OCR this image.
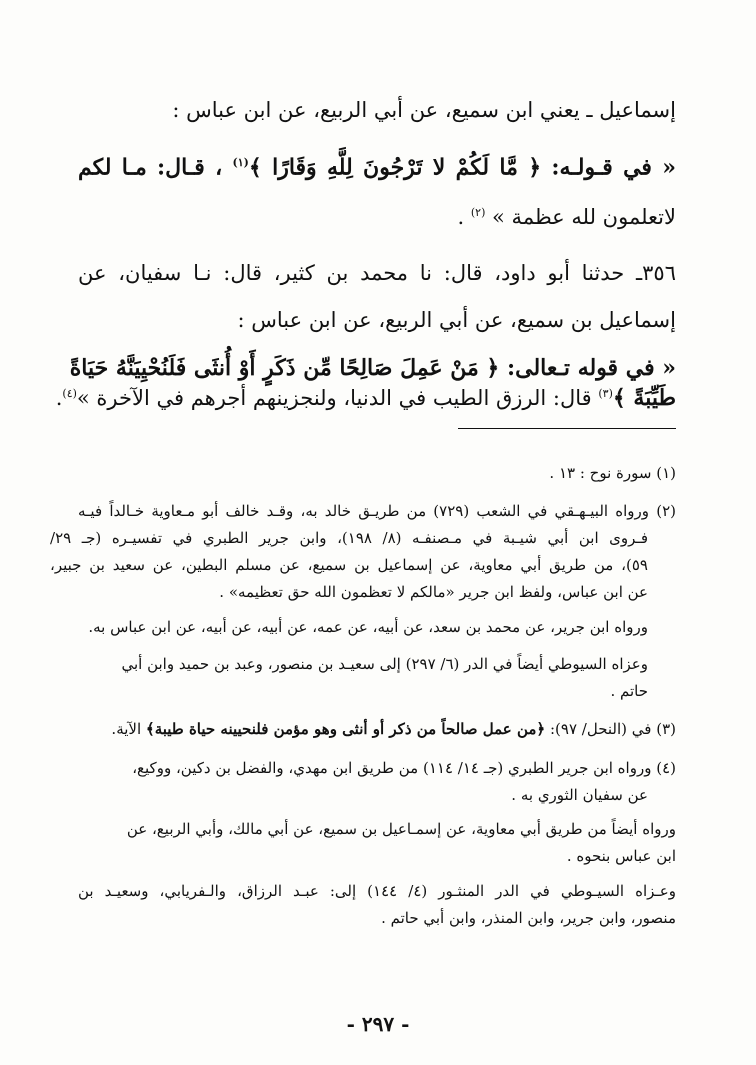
إسماعيل ـ يعني ابن سميع، عن أبي الربيع، عن ابن عباس :
« في قـولـه: ﴿ مَّا لَكُمْ لا تَرْجُونَ لِلَّهِ وَقَارًا ﴾$^{(١)}$ ، قـال: مـا لكم
لاتعلمون لله عظمة » $^{(٢)}$ .
٣٥٦ـ حدثنا أبو داود، قال: نا محمد بن كثير، قال: نـا سفيان، عن
إسماعيل بن سميع، عن أبي الربيع، عن ابن عباس :
« في قوله تـعالى: ﴿ مَنْ عَمِلَ صَالِحًا مِّن ذَكَرٍ أَوْ أُنثَى فَلَنُحْيِيَنَّهُ حَيَاةً
طَيِّبَةً ﴾$^{(٣)}$ قال: الرزق الطيب في الدنيا، ولنجزينهم أجرهم في الآخرة »$^{(٤)}$.
(١) سورة نوح : ١٣ .
(٢) ورواه البيـهـقي في الشعب (٧٢٩) من طريـق خالد به، وقـد خالف أبو مـعاوية خـالداً فيـه
فـروى ابن أبي شيـبة في مـصنفـه (٨/ ١٩٨)، وابن جرير الطبري في تفسيـره (جـ ٢٩/
٥٩)، من طريق أبي معاوية، عن إسماعيل بن سميع، عن مسلم البطين، عن سعيد بن جبير،
عن ابن عباس، ولفظ ابن جرير «مالكم لا تعظمون الله حق تعظيمه» .
ورواه ابن جرير، عن محمد بن سعد، عن أبيه، عن عمه، عن أبيه، عن أبيه، عن ابن عباس به.
وعزاه السيوطي أيضاً في الدر (٦/ ٢٩٧) إلى سعيـد بن منصور، وعبد بن حميد وابن أبي
حاتم .
(٣) في (النحل/ ٩٧): ﴿من عمل صالحاً من ذكر أو أنثى وهو مؤمن فلنحيينه حياة طيبة﴾ الآية.
(٤) ورواه ابن جرير الطبري (جـ ١٤/ ١١٤) من طريق ابن مهدي، والفضل بن دكين، ووكيع،
عن سفيان الثوري به .
ورواه أيضاً من طريق أبي معاوية، عن إسمـاعيل بن سميع، عن أبي مالك، وأبي الربيع، عن
ابن عباس بنحوه .
وعـزاه السيـوطي في الدر المنثـور (٤/ ١٤٤) إلى: عبـد الرزاق، والـفريابي، وسعيـد بن
منصور، وابن جرير، وابن المنذر، وابن أبي حاتم .
- ٢٩٧ -
